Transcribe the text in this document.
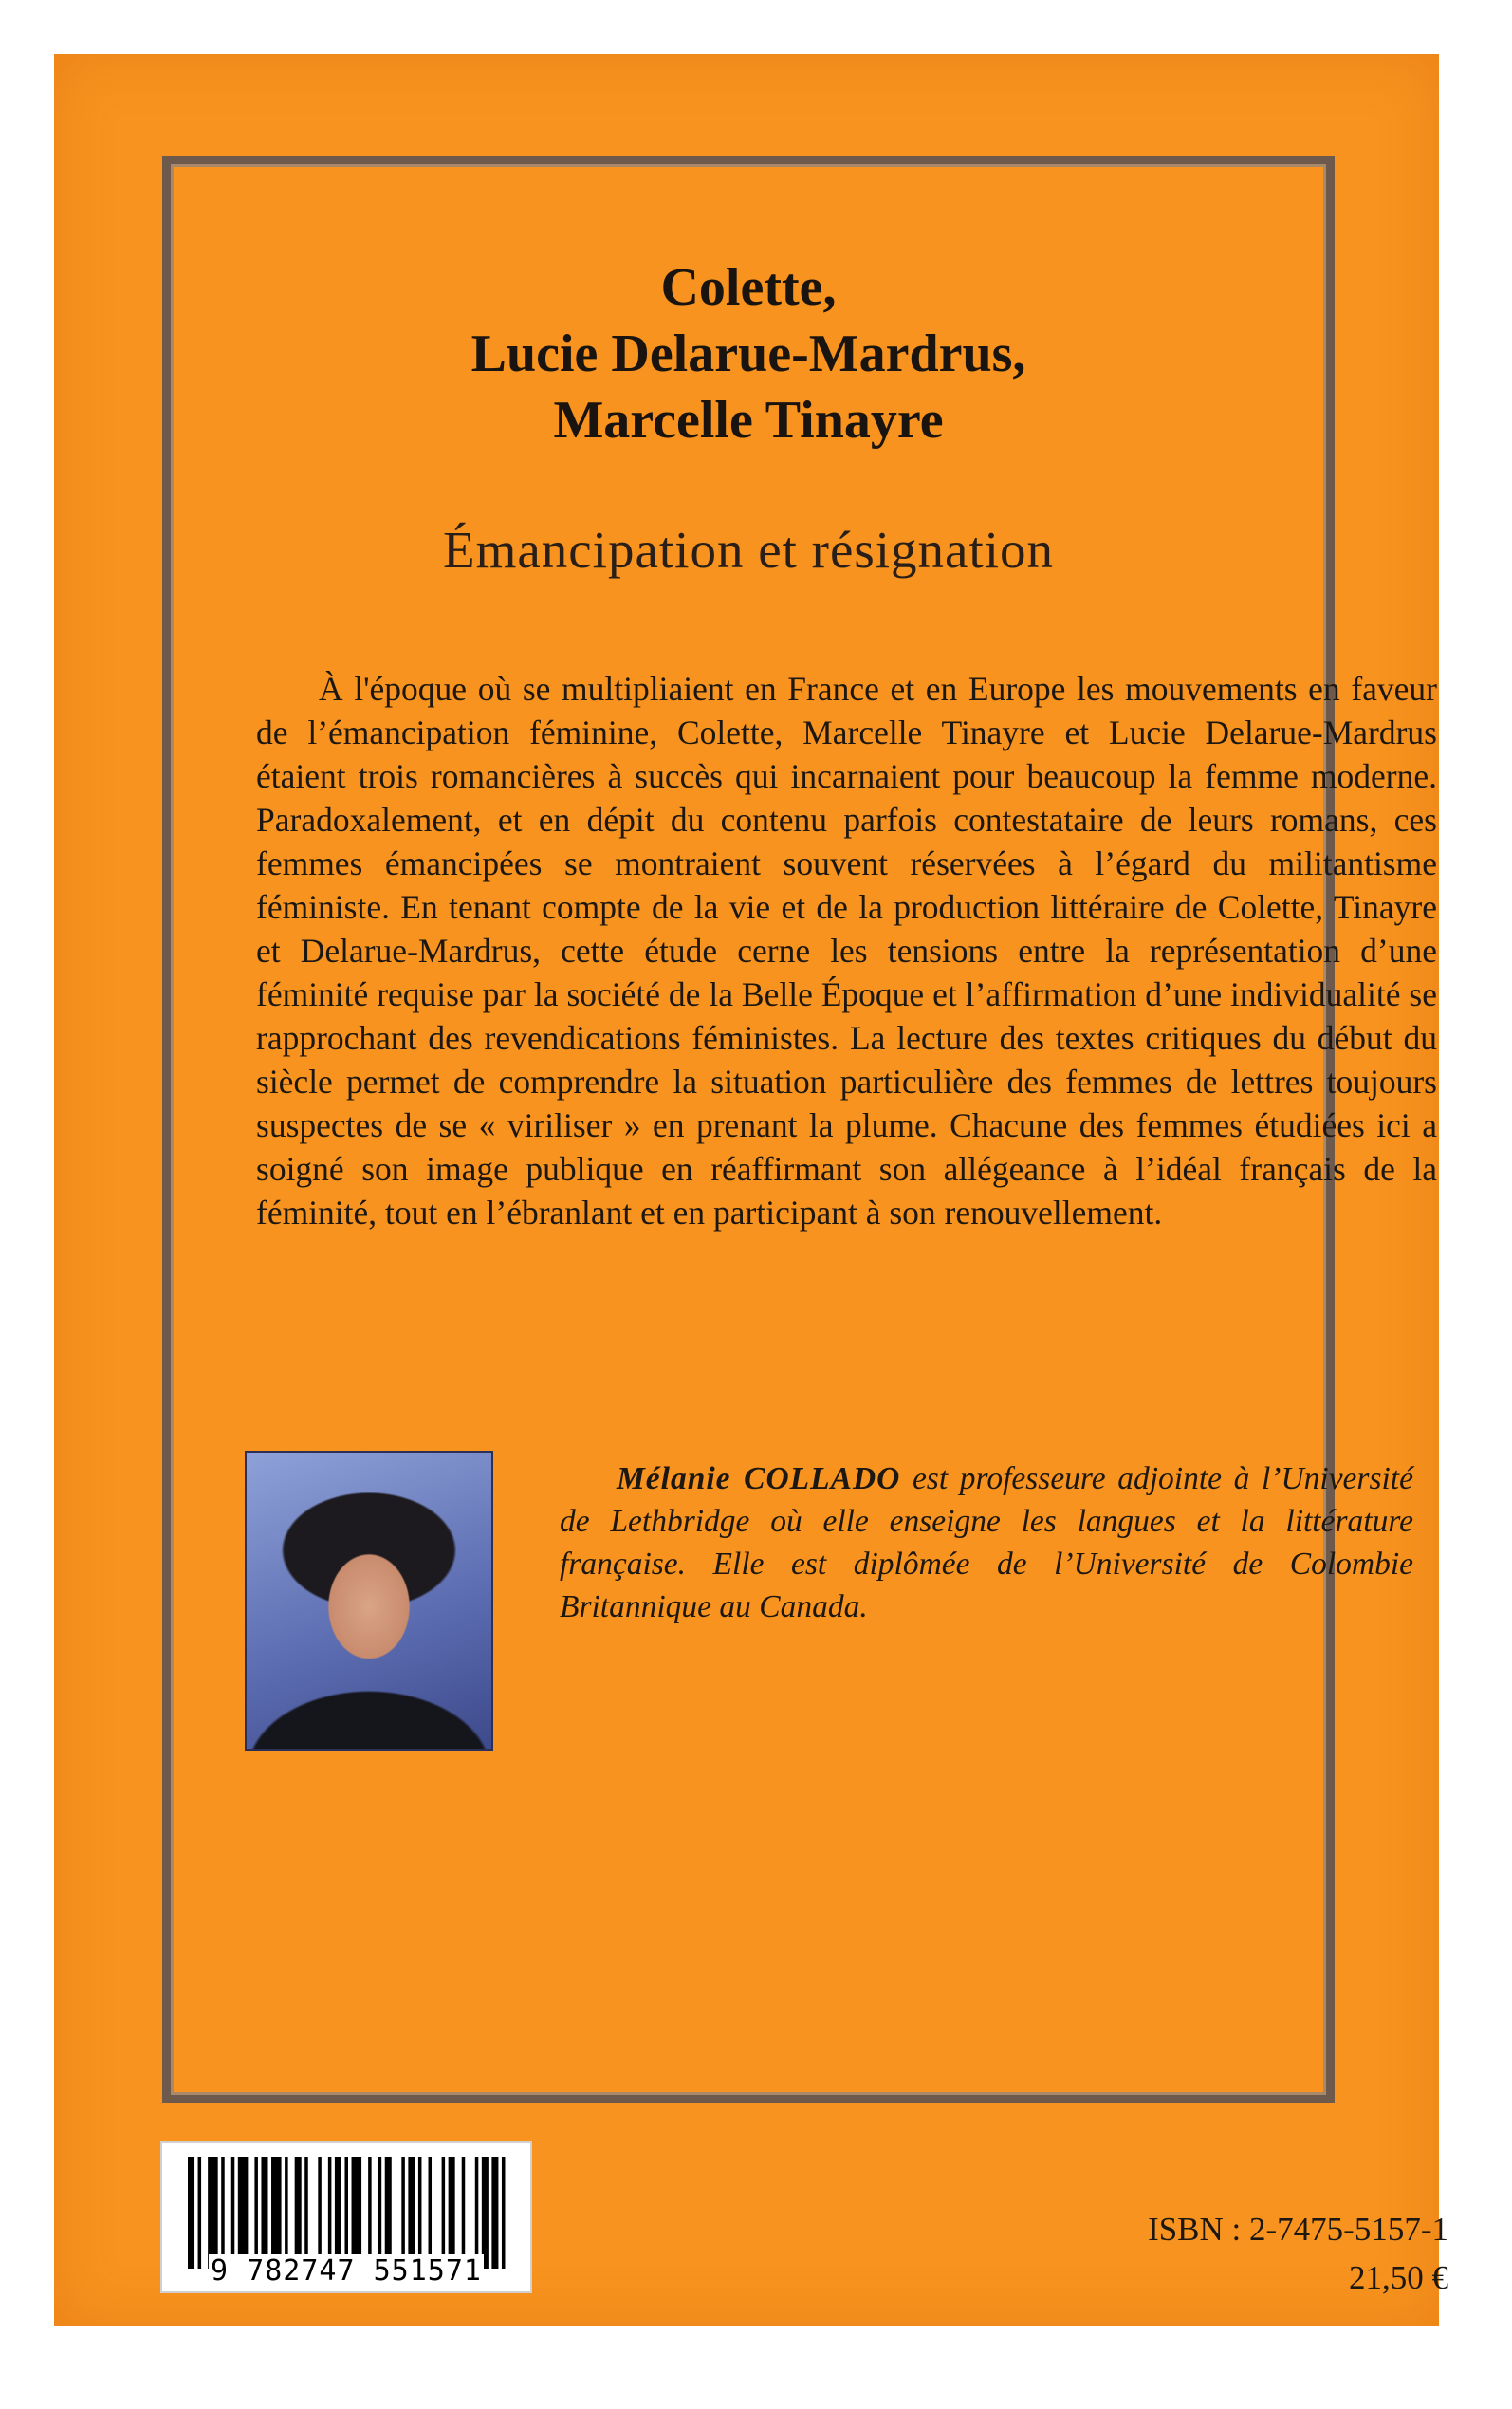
Colette,
Lucie Delarue-Mardrus,
Marcelle Tinayre
Émancipation et résignation

À l'époque où se multipliaient en France et en Europe les mouvements en faveur de l’émancipation féminine, Colette, Marcelle Tinayre et Lucie Delarue-Mardrus étaient trois romancières à succès qui incarnaient pour beaucoup la femme moderne. Paradoxalement, et en dépit du contenu parfois contestataire de leurs romans, ces femmes émancipées se montraient souvent réservées à l’égard du militantisme féministe. En tenant compte de la vie et de la production littéraire de Colette, Tinayre et Delarue-Mardrus, cette étude cerne les tensions entre la représentation d’une féminité requise par la société de la Belle Époque et l’affirmation d’une individualité se rapprochant des revendications féministes. La lecture des textes critiques du début du siècle permet de comprendre la situation particulière des femmes de lettres toujours suspectes de se « viriliser » en prenant la plume. Chacune des femmes étudiées ici a soigné son image publique en réaffirmant son allégeance à l’idéal français de la féminité, tout en l’ébranlant et en participant à son renouvellement.

Mélanie COLLADO est professeure adjointe à l’Université de Lethbridge où elle enseigne les langues et la littérature française. Elle est diplômée de l’Université de Colombie Britannique au Canada.

9 782747 551571
ISBN : 2-7475-5157-1
21,50 €
